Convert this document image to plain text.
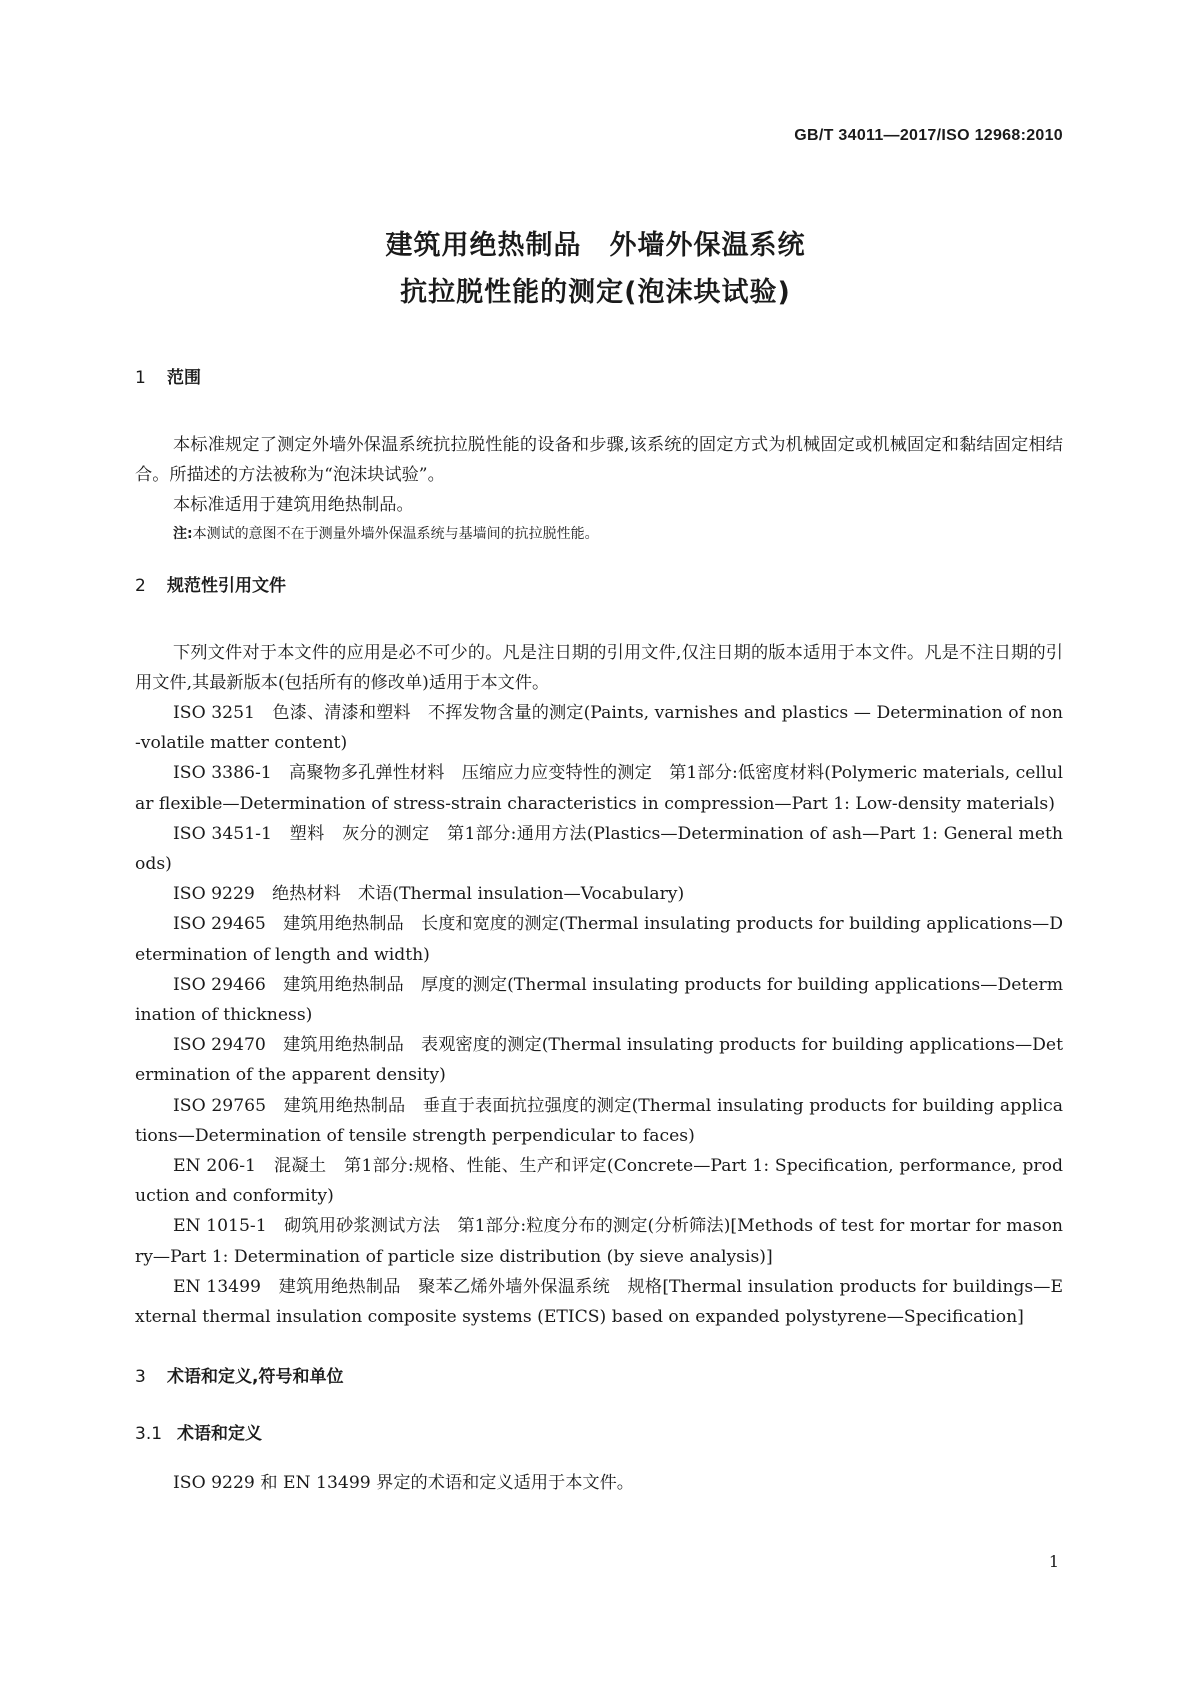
GB/T 34011—2017/ISO 12968:2010
建筑用绝热制品　外墙外保温系统
抗拉脱性能的测定(泡沫块试验)

1 范围

本标准规定了测定外墙外保温系统抗拉脱性能的设备和步骤,该系统的固定方式为机械固定或机械固定和黏结固定相结合。所描述的方法被称为“泡沫块试验”。

本标准适用于建筑用绝热制品。

注:本测试的意图不在于测量外墙外保温系统与基墙间的抗拉脱性能。

2 规范性引用文件

下列文件对于本文件的应用是必不可少的。凡是注日期的引用文件,仅注日期的版本适用于本文件。凡是不注日期的引用文件,其最新版本(包括所有的修改单)适用于本文件。

ISO 3251　色漆、清漆和塑料　不挥发物含量的测定(Paints, varnishes and plastics — Determination of non-volatile matter content)

ISO 3386-1　高聚物多孔弹性材料　压缩应力应变特性的测定　第1部分:低密度材料(Polymeric materials, cellular flexible—Determination of stress-strain characteristics in compression—Part 1: Low-density materials)

ISO 3451-1　塑料　灰分的测定　第1部分:通用方法(Plastics—Determination of ash—Part 1: General methods)

ISO 9229　绝热材料　术语(Thermal insulation—Vocabulary)

ISO 29465　建筑用绝热制品　长度和宽度的测定(Thermal insulating products for building applications—Determination of length and width)

ISO 29466　建筑用绝热制品　厚度的测定(Thermal insulating products for building applications—Determination of thickness)

ISO 29470　建筑用绝热制品　表观密度的测定(Thermal insulating products for building applications—Determination of the apparent density)

ISO 29765　建筑用绝热制品　垂直于表面抗拉强度的测定(Thermal insulating products for building applications—Determination of tensile strength perpendicular to faces)

EN 206-1　混凝土　第1部分:规格、性能、生产和评定(Concrete—Part 1: Specification, performance, production and conformity)

EN 1015-1　砌筑用砂浆测试方法　第1部分:粒度分布的测定(分析筛法)[Methods of test for mortar for masonry—Part 1: Determination of particle size distribution (by sieve analysis)]

EN 13499　建筑用绝热制品　聚苯乙烯外墙外保温系统　规格[Thermal insulation products for buildings—External thermal insulation composite systems (ETICS) based on expanded polystyrene—Specification]

3 术语和定义,符号和单位

3.1 术语和定义

ISO 9229 和 EN 13499 界定的术语和定义适用于本文件。

1
